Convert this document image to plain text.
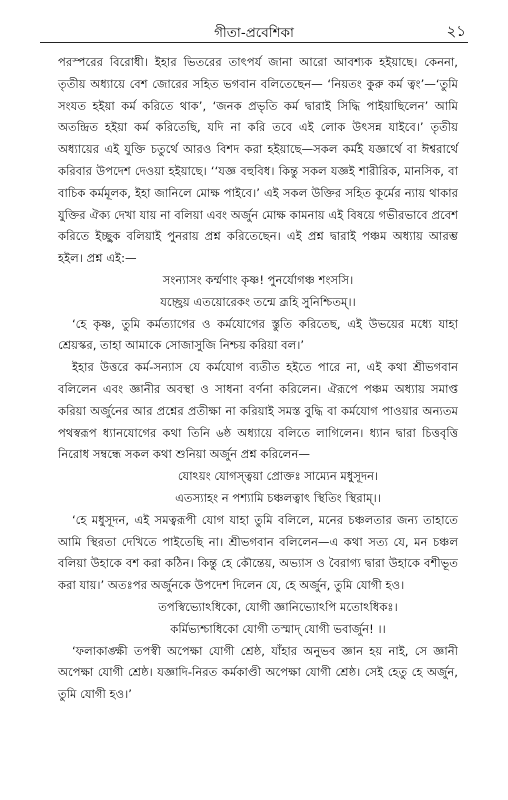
গীতা-প্রবেশিকা	২১

পরস্পরের বিরোধী। ইহার ভিতরের তাৎপর্য জানা আরো আবশ্যক হইয়াছে। কেননা, তৃতীয় অধ্যায়ে বেশ জোরের সহিত ভগবান বলিতেছেন— ‘নিয়তং কুরু কর্ম ত্বং’—‘তুমি সংযত হইয়া কর্ম করিতে থাক’, ‘জনক প্রভৃতি কর্ম দ্বারাই সিদ্ধি পাইয়াছিলেন’ আমি অতন্দ্রিত হইয়া কর্ম করিতেছি, যদি না করি তবে এই লোক উৎসন্ন যাইবে।’ তৃতীয় অধ্যায়ের এই যুক্তি চতুর্থে আরও বিশদ করা হইয়াছে—সকল কর্মই যজ্ঞার্থে বা ঈশ্বরার্থে করিবার উপদেশ দেওয়া হইয়াছে। ‘‘যজ্ঞ বহুবিধ। কিন্তু সকল যজ্ঞই শারীরিক, মানসিক, বা বাচিক কর্মমূলক, ইহা জানিলে মোক্ষ পাইবে।’ এই সকল উক্তির সহিত কূর্মের ন্যায় থাকার যুক্তির ঐক্য দেখা যায় না বলিয়া এবং অর্জুন মোক্ষ কামনায় এই বিষয়ে গভীরভাবে প্রবেশ করিতে ইচ্ছুক বলিয়াই পুনরায় প্রশ্ন করিতেছেন। এই প্রশ্ন দ্বারাই পঞ্চম অধ্যায় আরম্ভ হইল। প্রশ্ন এই:—

সংন্যাসং কর্ম্মণাং কৃষ্ণ! পুনর্যোগঞ্চ শংসসি।

যচ্ছ্রেয় এতয়োরেকং তন্মে ব্রূহি সুনিশ্চিতম্।।

‘হে কৃষ্ণ, তুমি কর্মত্যাগের ও কর্মযোগের স্তুতি করিতেছ, এই উভয়ের মধ্যে যাহা শ্রেয়স্কর, তাহা আমাকে সোজাসুজি নিশ্চয় করিয়া বল।’

ইহার উত্তরে কর্ম-সন্যাস যে কর্মযোগ ব্যতীত হইতে পারে না, এই কথা শ্রীভগবান বলিলেন এবং জ্ঞানীর অবস্থা ও সাধনা বর্ণনা করিলেন। ঐরূপে পঞ্চম অধ্যায় সমাপ্ত করিয়া অর্জুনের আর প্রশ্নের প্রতীক্ষা না করিয়াই সমস্ত বুদ্ধি বা কর্মযোগ পাওয়ার অন্যতম পথস্বরূপ ধ্যানযোগের কথা তিনি ৬ষ্ঠ অধ্যায়ে বলিতে লাগিলেন। ধ্যান দ্বারা চিত্তবৃত্তি নিরোধ সম্বন্ধে সকল কথা শুনিয়া অর্জুন প্রশ্ন করিলেন—

যোঽয়ং যোগস্ত্বয়া প্রোক্তঃ সাম্যেন মধুসূদন।

এতস্যাহং ন পশ্যামি চঞ্চলত্বাৎ স্থিতিং স্থিরাম্।।

‘হে মধুসূদন, এই সমত্বরূপী যোগ যাহা তুমি বলিলে, মনের চঞ্চলতার জন্য তাহাতে আমি স্থিরতা দেখিতে পাইতেছি না। শ্রীভগবান বলিলেন—এ কথা সত্য যে, মন চঞ্চল বলিয়া উহাকে বশ করা কঠিন। কিন্তু হে কৌন্তেয়, অভ্যাস ও বৈরাগ্য দ্বারা উহাকে বশীভূত করা যায়।’ অতঃপর অর্জুনকে উপদেশ দিলেন যে, হে অর্জুন, তুমি যোগী হও।

তপস্বিভ্যোঽধিকো, যোগী জ্ঞানিভ্যোঽপি মতোঽধিকঃ।

কর্মিভ্যশ্চাধিকো যোগী তস্মাদ্ যোগী ভবার্জুন! ।।

‘ফলাকাঙ্ক্ষী তপস্বী অপেক্ষা যোগী শ্রেষ্ঠ, যাঁহার অনুভব জ্ঞান হয় নাই, সে জ্ঞানী অপেক্ষা যোগী শ্রেষ্ঠ। যজ্ঞাদি-নিরত কর্মকাণ্ডী অপেক্ষা যোগী শ্রেষ্ঠ। সেই হেতু হে অর্জুন, তুমি যোগী হও।’
